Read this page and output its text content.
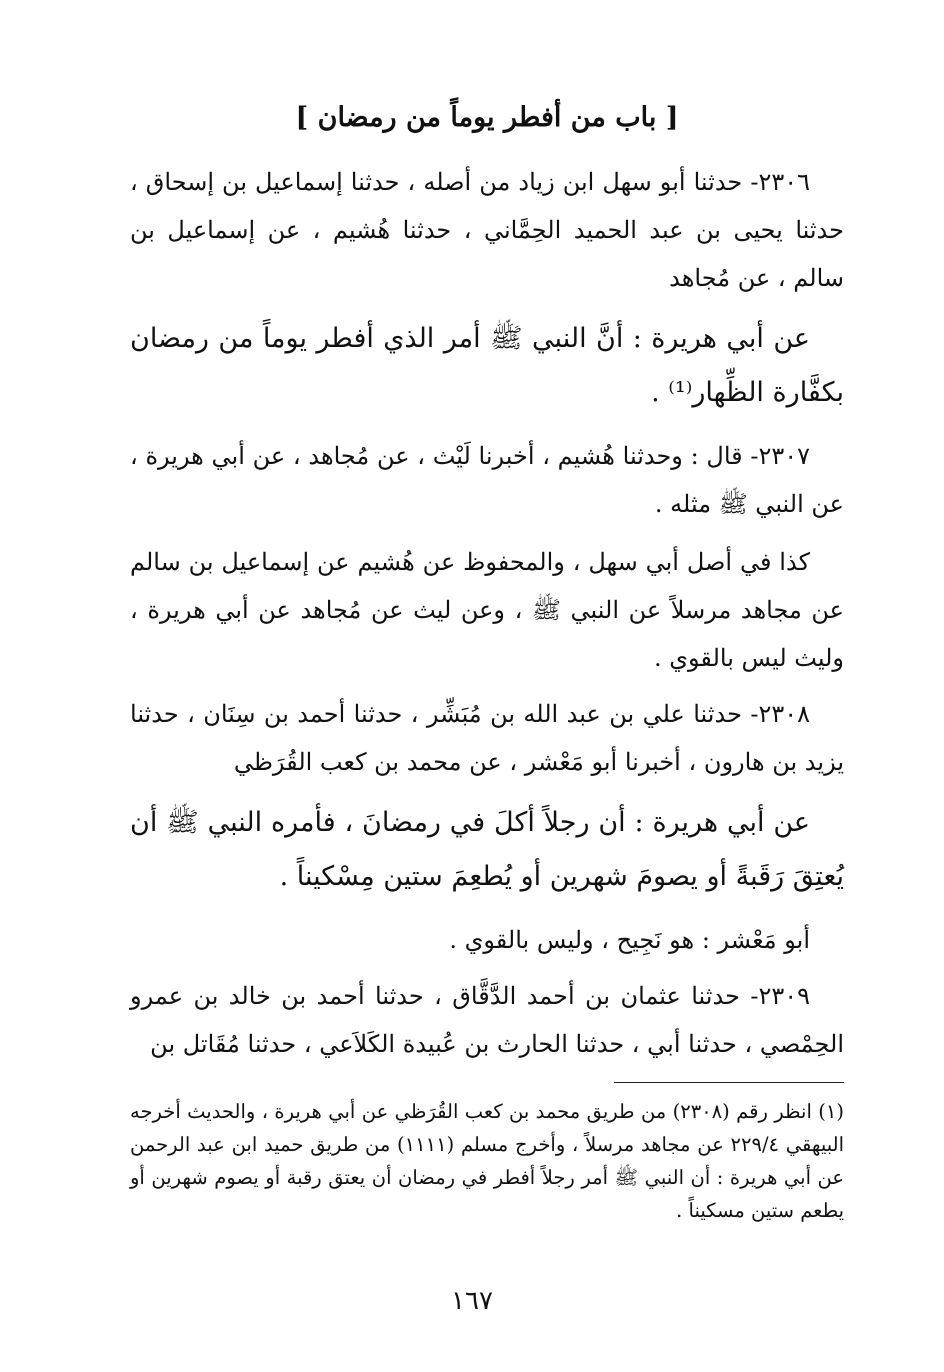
[ باب من أفطر يوماً من رمضان ]

٢٣٠٦- حدثنا أبو سهل ابن زياد من أصله ، حدثنا إسماعيل بن إسحاق ، حدثنا يحيى بن عبد الحميد الحِمَّاني ، حدثنا هُشيم ، عن إسماعيل بن سالم ، عن مُجاهد

عن أبي هريرة : أنَّ النبي ﷺ أمر الذي أفطر يوماً من رمضان بكفَّارة الظِّهار⁽¹⁾ .

٢٣٠٧- قال : وحدثنا هُشيم ، أخبرنا لَيْث ، عن مُجاهد ، عن أبي هريرة ، عن النبي ﷺ مثله .

كذا في أصل أبي سهل ، والمحفوظ عن هُشيم عن إسماعيل بن سالم عن مجاهد مرسلاً عن النبي ﷺ ، وعن ليث عن مُجاهد عن أبي هريرة ، وليث ليس بالقوي .

٢٣٠٨- حدثنا علي بن عبد الله بن مُبَشِّر ، حدثنا أحمد بن سِنَان ، حدثنا يزيد بن هارون ، أخبرنا أبو مَعْشر ، عن محمد بن كعب القُرَظي

عن أبي هريرة : أن رجلاً أكلَ في رمضانَ ، فأمره النبي ﷺ أن يُعتِقَ رَقَبةً أو يصومَ شهرين أو يُطعِمَ ستين مِسْكيناً .

أبو مَعْشر : هو نَجِيح ، وليس بالقوي .

٢٣٠٩- حدثنا عثمان بن أحمد الدَّقَّاق ، حدثنا أحمد بن خالد بن عمرو الحِمْصي ، حدثنا أبي ، حدثنا الحارث بن عُبيدة الكَلاَعي ، حدثنا مُقَاتل بن

(١) انظر رقم (٢٣٠٨) من طريق محمد بن كعب القُرَظي عن أبي هريرة ، والحديث أخرجه البيهقي ٢٢٩/٤ عن مجاهد مرسلاً ، وأخرج مسلم (١١١١) من طريق حميد ابن عبد الرحمن عن أبي هريرة : أن النبي ﷺ أمر رجلاً أفطر في رمضان أن يعتق رقبة أو يصوم شهرين أو يطعم ستين مسكيناً .

١٦٧
